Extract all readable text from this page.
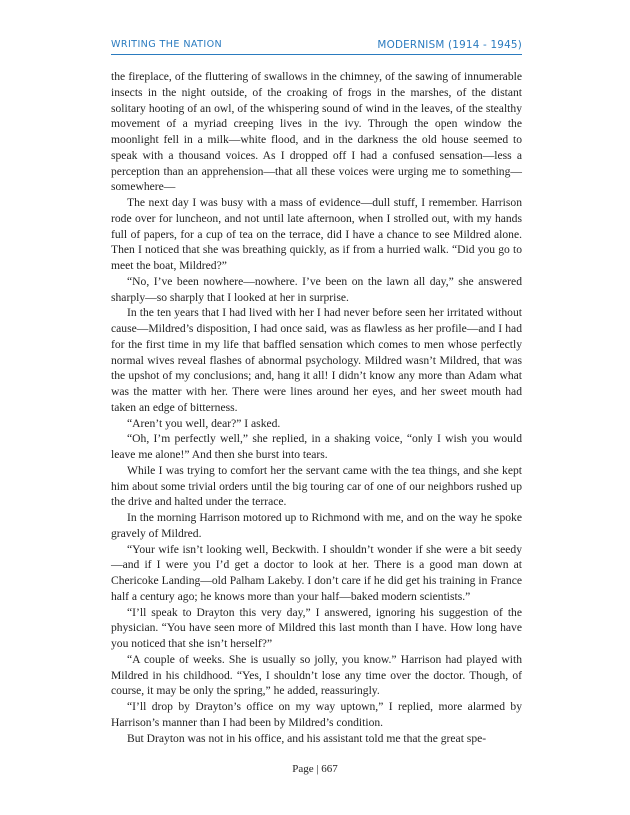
WRITING THE NATION	MODERNISM (1914 - 1945)

the fireplace, of the fluttering of swallows in the chimney, of the sawing of innumerable insects in the night outside, of the croaking of frogs in the marshes, of the distant solitary hooting of an owl, of the whispering sound of wind in the leaves, of the stealthy movement of a myriad creeping lives in the ivy. Through the open window the moonlight fell in a milk—white flood, and in the darkness the old house seemed to speak with a thousand voices. As I dropped off I had a confused sensation—less a perception than an apprehension—that all these voices were urging me to something—somewhere—

The next day I was busy with a mass of evidence—dull stuff, I remember. Harrison rode over for luncheon, and not until late afternoon, when I strolled out, with my hands full of papers, for a cup of tea on the terrace, did I have a chance to see Mildred alone. Then I noticed that she was breathing quickly, as if from a hurried walk. “Did you go to meet the boat, Mildred?”

“No, I’ve been nowhere—nowhere. I’ve been on the lawn all day,” she answered sharply—so sharply that I looked at her in surprise.

In the ten years that I had lived with her I had never before seen her irritated without cause—Mildred’s disposition, I had once said, was as flawless as her profile—and I had for the first time in my life that baffled sensation which comes to men whose perfectly normal wives reveal flashes of abnormal psychology. Mildred wasn’t Mildred, that was the upshot of my conclusions; and, hang it all! I didn’t know any more than Adam what was the matter with her. There were lines around her eyes, and her sweet mouth had taken an edge of bitterness.

“Aren’t you well, dear?” I asked.

“Oh, I’m perfectly well,” she replied, in a shaking voice, “only I wish you would leave me alone!” And then she burst into tears.

While I was trying to comfort her the servant came with the tea things, and she kept him about some trivial orders until the big touring car of one of our neighbors rushed up the drive and halted under the terrace.

In the morning Harrison motored up to Richmond with me, and on the way he spoke gravely of Mildred.

“Your wife isn’t looking well, Beckwith. I shouldn’t wonder if she were a bit seedy—and if I were you I’d get a doctor to look at her. There is a good man down at Chericoke Landing—old Palham Lakeby. I don’t care if he did get his training in France half a century ago; he knows more than your half—baked modern scientists.”

“I’ll speak to Drayton this very day,” I answered, ignoring his suggestion of the physician. “You have seen more of Mildred this last month than I have. How long have you noticed that she isn’t herself?”

“A couple of weeks. She is usually so jolly, you know.” Harrison had played with Mildred in his childhood. “Yes, I shouldn’t lose any time over the doctor. Though, of course, it may be only the spring,” he added, reassuringly.

“I’ll drop by Drayton’s office on my way uptown,” I replied, more alarmed by Harrison’s manner than I had been by Mildred’s condition.

But Drayton was not in his office, and his assistant told me that the great spe-

Page | 667
